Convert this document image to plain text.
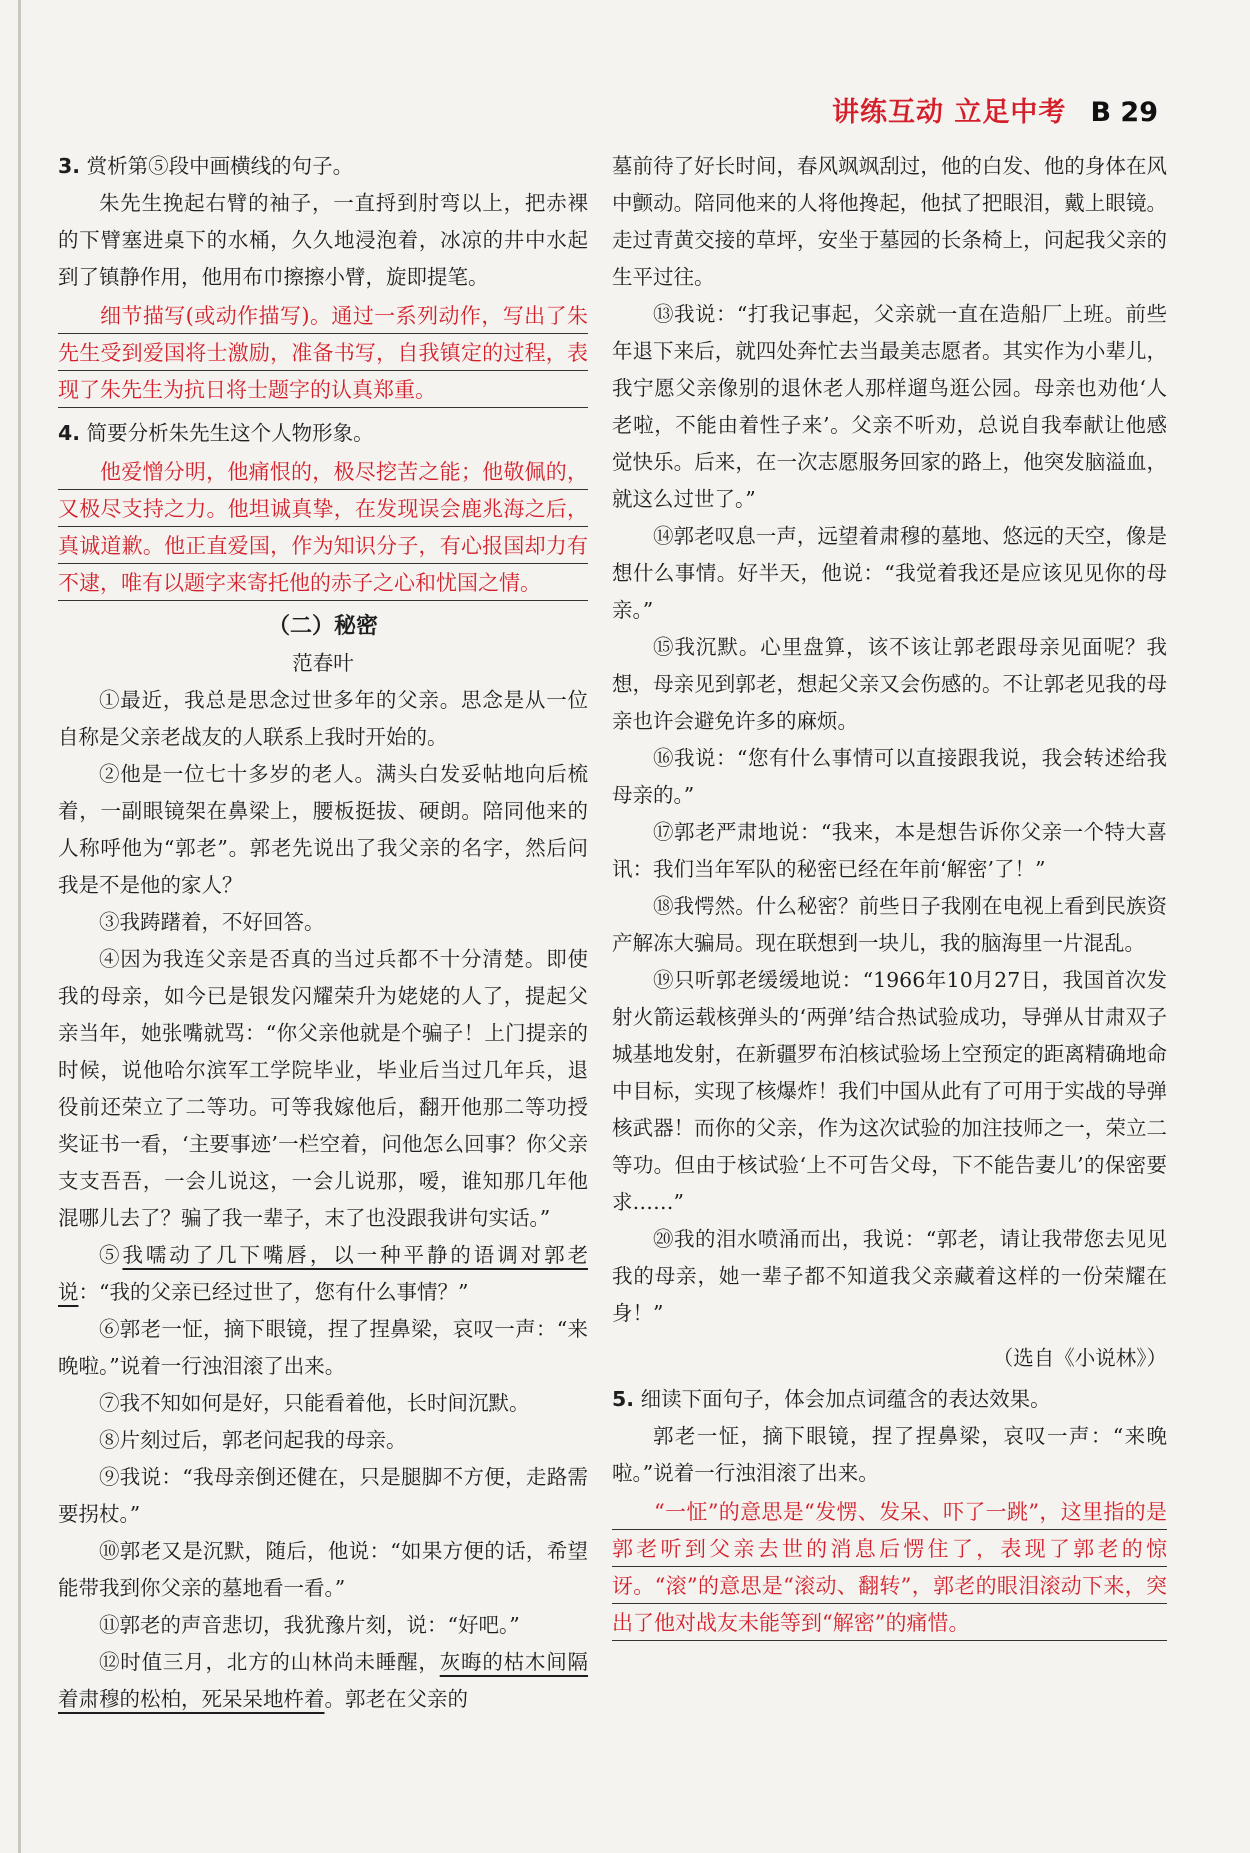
讲练互动 立足中考 B 29

3. 赏析第⑤段中画横线的句子。

朱先生挽起右臂的袖子，一直捋到肘弯以上，把赤裸的下臂塞进桌下的水桶，久久地浸泡着，冰凉的井中水起到了镇静作用，他用布巾擦擦小臂，旋即提笔。

细节描写(或动作描写)。通过一系列动作，写出了朱先生受到爱国将士激励，准备书写，自我镇定的过程，表现了朱先生为抗日将士题字的认真郑重。

4. 简要分析朱先生这个人物形象。

他爱憎分明，他痛恨的，极尽挖苦之能；他敬佩的，又极尽支持之力。他坦诚真挚，在发现误会鹿兆海之后，真诚道歉。他正直爱国，作为知识分子，有心报国却力有不逮，唯有以题字来寄托他的赤子之心和忧国之情。

（二）秘密

范春叶

①最近，我总是思念过世多年的父亲。思念是从一位自称是父亲老战友的人联系上我时开始的。

②他是一位七十多岁的老人。满头白发妥帖地向后梳着，一副眼镜架在鼻梁上，腰板挺拔、硬朗。陪同他来的人称呼他为“郭老”。郭老先说出了我父亲的名字，然后问我是不是他的家人？

③我踌躇着，不好回答。

④因为我连父亲是否真的当过兵都不十分清楚。即使我的母亲，如今已是银发闪耀荣升为姥姥的人了，提起父亲当年，她张嘴就骂：“你父亲他就是个骗子！上门提亲的时候，说他哈尔滨军工学院毕业，毕业后当过几年兵，退役前还荣立了二等功。可等我嫁他后，翻开他那二等功授奖证书一看，‘主要事迹’一栏空着，问他怎么回事？你父亲支支吾吾，一会儿说这，一会儿说那，嗳，谁知那几年他混哪儿去了？骗了我一辈子，末了也没跟我讲句实话。”

⑤我嚅动了几下嘴唇，以一种平静的语调对郭老说：“我的父亲已经过世了，您有什么事情？”

⑥郭老一怔，摘下眼镜，捏了捏鼻梁，哀叹一声：“来晚啦。”说着一行浊泪滚了出来。

⑦我不知如何是好，只能看着他，长时间沉默。

⑧片刻过后，郭老问起我的母亲。

⑨我说：“我母亲倒还健在，只是腿脚不方便，走路需要拐杖。”

⑩郭老又是沉默，随后，他说：“如果方便的话，希望能带我到你父亲的墓地看一看。”

⑪郭老的声音悲切，我犹豫片刻，说：“好吧。”

⑫时值三月，北方的山林尚未睡醒，灰晦的枯木间隔着肃穆的松柏，死呆呆地杵着。郭老在父亲的

墓前待了好长时间，春风飒飒刮过，他的白发、他的身体在风中颤动。陪同他来的人将他搀起，他拭了把眼泪，戴上眼镜。走过青黄交接的草坪，安坐于墓园的长条椅上，问起我父亲的生平过往。

⑬我说：“打我记事起，父亲就一直在造船厂上班。前些年退下来后，就四处奔忙去当最美志愿者。其实作为小辈儿，我宁愿父亲像别的退休老人那样遛鸟逛公园。母亲也劝他‘人老啦，不能由着性子来’。父亲不听劝，总说自我奉献让他感觉快乐。后来，在一次志愿服务回家的路上，他突发脑溢血，就这么过世了。”

⑭郭老叹息一声，远望着肃穆的墓地、悠远的天空，像是想什么事情。好半天，他说：“我觉着我还是应该见见你的母亲。”

⑮我沉默。心里盘算，该不该让郭老跟母亲见面呢？我想，母亲见到郭老，想起父亲又会伤感的。不让郭老见我的母亲也许会避免许多的麻烦。

⑯我说：“您有什么事情可以直接跟我说，我会转述给我母亲的。”

⑰郭老严肃地说：“我来，本是想告诉你父亲一个特大喜讯：我们当年军队的秘密已经在年前‘解密’了！”

⑱我愕然。什么秘密？前些日子我刚在电视上看到民族资产解冻大骗局。现在联想到一块儿，我的脑海里一片混乱。

⑲只听郭老缓缓地说：“1966年10月27日，我国首次发射火箭运载核弹头的‘两弹’结合热试验成功，导弹从甘肃双子城基地发射，在新疆罗布泊核试验场上空预定的距离精确地命中目标，实现了核爆炸！我们中国从此有了可用于实战的导弹核武器！而你的父亲，作为这次试验的加注技师之一，荣立二等功。但由于核试验‘上不可告父母，下不能告妻儿’的保密要求……”

⑳我的泪水喷涌而出，我说：“郭老，请让我带您去见见我的母亲，她一辈子都不知道我父亲藏着这样的一份荣耀在身！”

（选自《小说林》）

5. 细读下面句子，体会加点词蕴含的表达效果。

郭老一怔，摘下眼镜，捏了捏鼻梁，哀叹一声：“来晚啦。”说着一行浊泪滚了出来。

“一怔”的意思是“发愣、发呆、吓了一跳”，这里指的是郭老听到父亲去世的消息后愣住了，表现了郭老的惊讶。“滚”的意思是“滚动、翻转”，郭老的眼泪滚动下来，突出了他对战友未能等到“解密”的痛惜。
